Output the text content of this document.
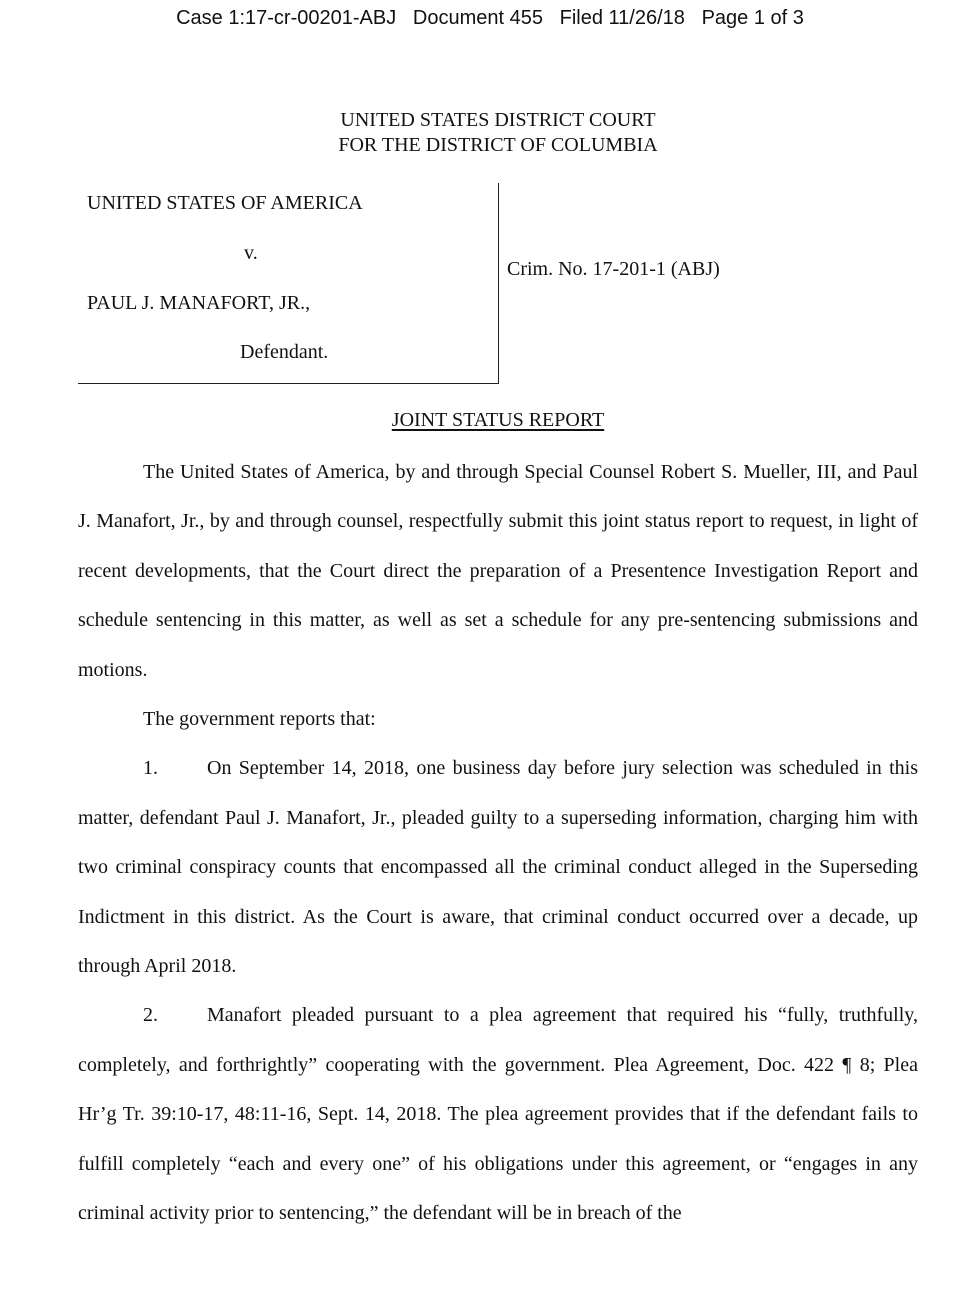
Case 1:17-cr-00201-ABJ Document 455 Filed 11/26/18 Page 1 of 3
UNITED STATES DISTRICT COURT
FOR THE DISTRICT OF COLUMBIA
UNITED STATES OF AMERICA
v.
PAUL J. MANAFORT, JR.,
Defendant.
Crim. No. 17-201-1 (ABJ)
JOINT STATUS REPORT

The United States of America, by and through Special Counsel Robert S. Mueller, III, and Paul J. Manafort, Jr., by and through counsel, respectfully submit this joint status report to request, in light of recent developments, that the Court direct the preparation of a Presentence Investigation Report and schedule sentencing in this matter, as well as set a schedule for any pre-sentencing submissions and motions.

The government reports that:

1. On September 14, 2018, one business day before jury selection was scheduled in this matter, defendant Paul J. Manafort, Jr., pleaded guilty to a superseding information, charging him with two criminal conspiracy counts that encompassed all the criminal conduct alleged in the Superseding Indictment in this district. As the Court is aware, that criminal conduct occurred over a decade, up through April 2018.

2. Manafort pleaded pursuant to a plea agreement that required his “fully, truthfully, completely, and forthrightly” cooperating with the government. Plea Agreement, Doc. 422 ¶ 8; Plea Hr’g Tr. 39:10-17, 48:11-16, Sept. 14, 2018. The plea agreement provides that if the defendant fails to fulfill completely “each and every one” of his obligations under this agreement, or “engages in any criminal activity prior to sentencing,” the defendant will be in breach of the
